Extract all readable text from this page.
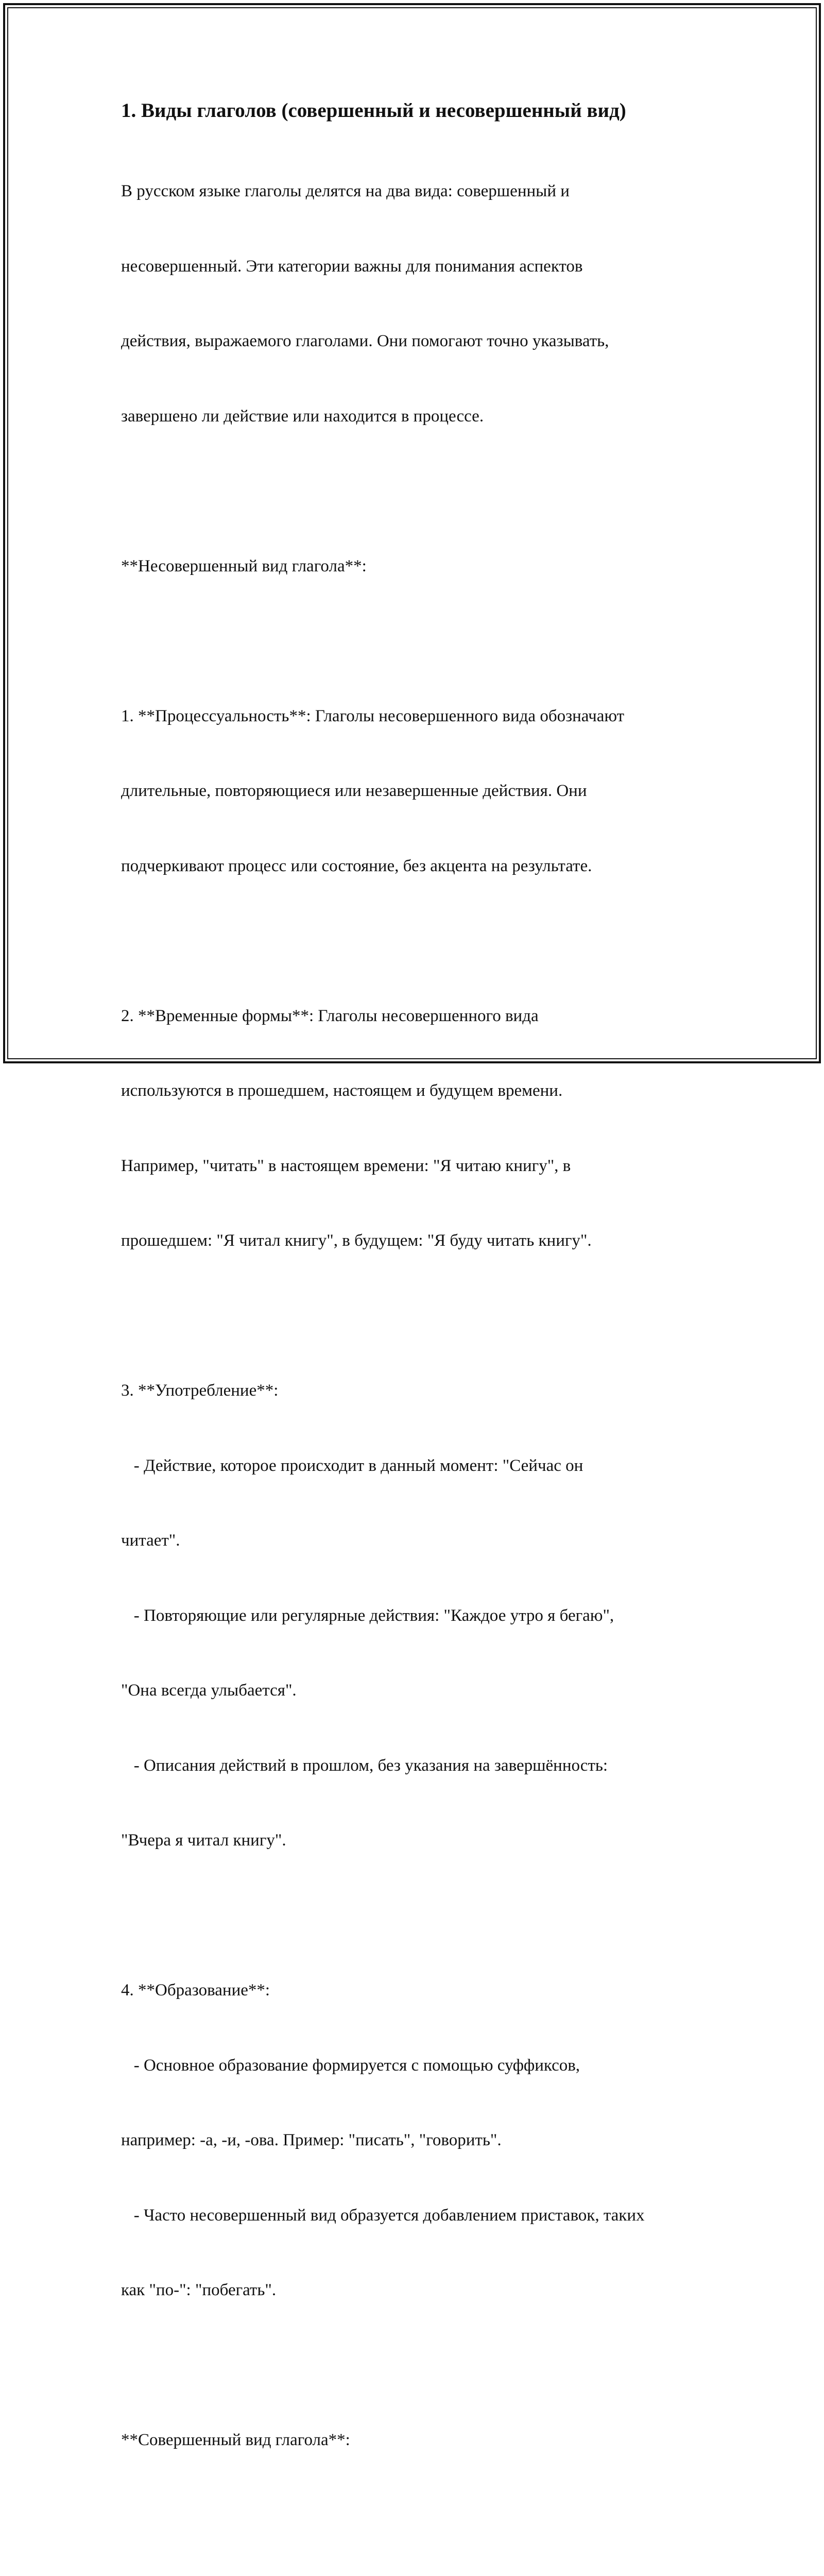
1. Виды глаголов (совершенный и несовершенный вид)

В русском языке глаголы делятся на два вида: совершенный и

несовершенный. Эти категории важны для понимания аспектов

действия, выражаемого глаголами. Они помогают точно указывать,

завершено ли действие или находится в процессе.

**Несовершенный вид глагола**:

1. **Процессуальность**: Глаголы несовершенного вида обозначают

длительные, повторяющиеся или незавершенные действия. Они

подчеркивают процесс или состояние, без акцента на результате.

2. **Временные формы**: Глаголы несовершенного вида

используются в прошедшем, настоящем и будущем времени.

Например, "читать" в настоящем времени: "Я читаю книгу", в

прошедшем: "Я читал книгу", в будущем: "Я буду читать книгу".

3. **Употребление**:

- Действие, которое происходит в данный момент: "Сейчас он

читает".

- Повторяющие или регулярные действия: "Каждое утро я бегаю",

"Она всегда улыбается".

- Описания действий в прошлом, без указания на завершённость:

"Вчера я читал книгу".

4. **Образование**:

- Основное образование формируется с помощью суффиксов,

например: -а, -и, -ова. Пример: "писать", "говорить".

- Часто несовершенный вид образуется добавлением приставок, таких

как "по-": "побегать".

**Совершенный вид глагола**:
